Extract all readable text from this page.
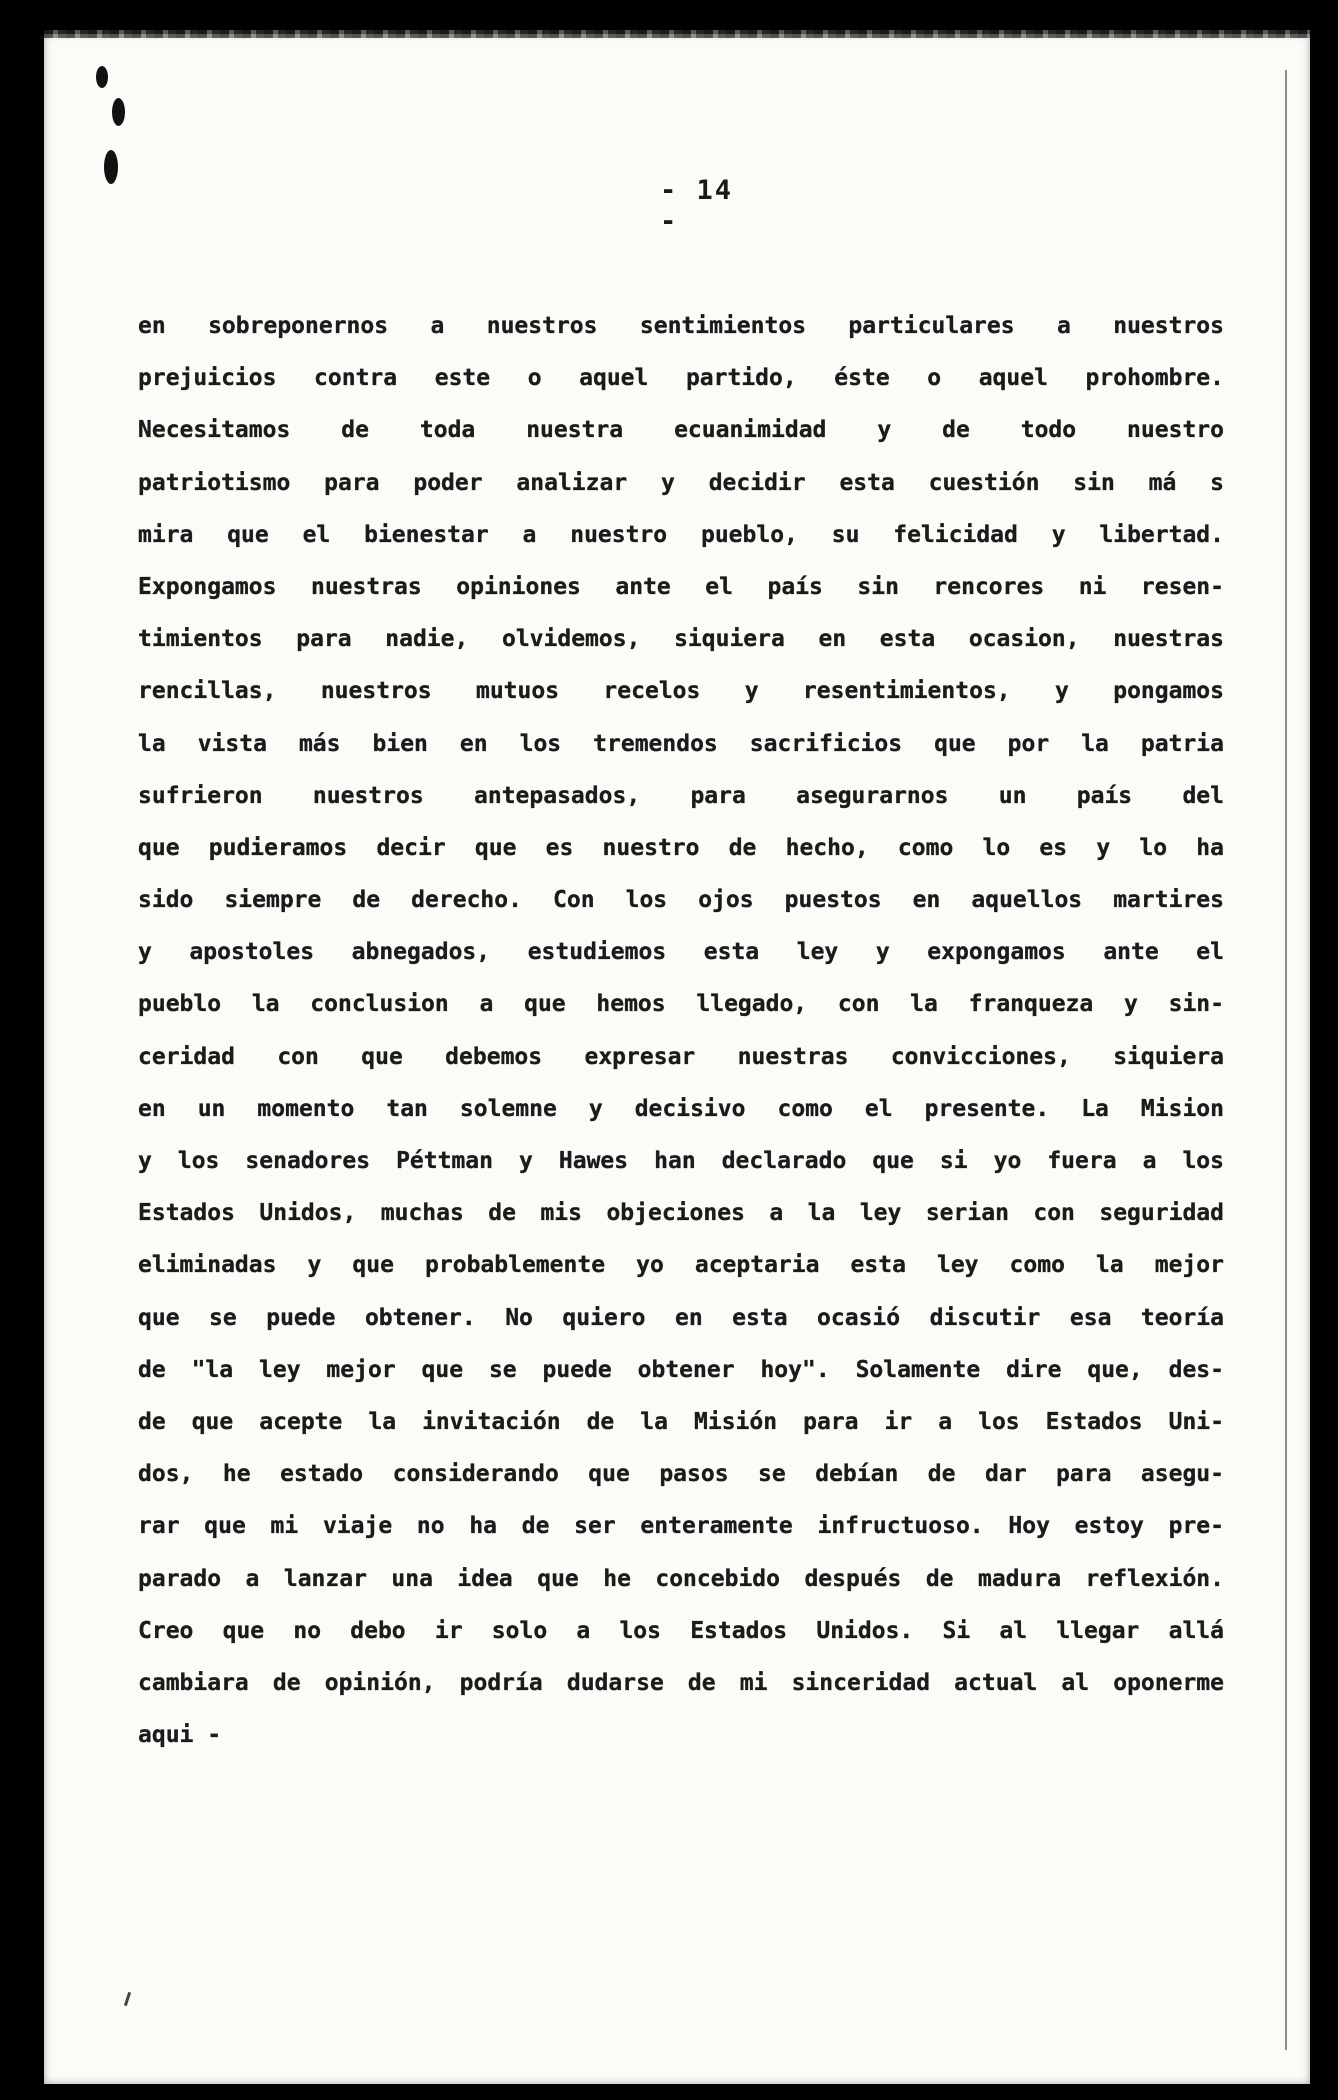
- 14 -
en sobreponernos a nuestros sentimientos particulares a nuestros
prejuicios contra este o aquel partido, éste o aquel prohombre.
Necesitamos de toda nuestra ecuanimidad y de todo nuestro
patriotismo para poder analizar y decidir esta cuestión sin má s
mira que el bienestar a nuestro pueblo, su felicidad y libertad.
Expongamos nuestras opiniones ante el país sin rencores ni resen-
timientos para nadie, olvidemos, siquiera en esta ocasion, nuestras
rencillas, nuestros mutuos recelos y resentimientos, y pongamos
la vista más bien en los tremendos sacrificios que por la patria
sufrieron nuestros antepasados, para asegurarnos un país del
que pudieramos decir que es nuestro de hecho, como lo es y lo ha
sido siempre de derecho. Con los ojos puestos en aquellos martires
y apostoles abnegados, estudiemos esta ley y expongamos ante el
pueblo la conclusion a que hemos llegado, con la franqueza y sin-
ceridad con que debemos expresar nuestras convicciones, siquiera
en un momento tan solemne y decisivo como el presente. La Mision
y los senadores Péttman y Hawes han declarado que si yo fuera a los
Estados Unidos, muchas de mis objeciones a la ley serian con seguridad
eliminadas y que probablemente yo aceptaria esta ley como la mejor
que se puede obtener. No quiero en esta ocasió discutir esa teoría
de "la ley mejor que se puede obtener hoy". Solamente dire que, des-
de que acepte la invitación de la Misión para ir a los Estados Uni-
dos, he estado considerando que pasos se debían de dar para asegu-
rar que mi viaje no ha de ser enteramente infructuoso. Hoy estoy pre-
parado a lanzar una idea que he concebido después de madura reflexión.
Creo que no debo ir solo a los Estados Unidos. Si al llegar allá
cambiara de opinión, podría dudarse de mi sinceridad actual al oponerme
aqui -
